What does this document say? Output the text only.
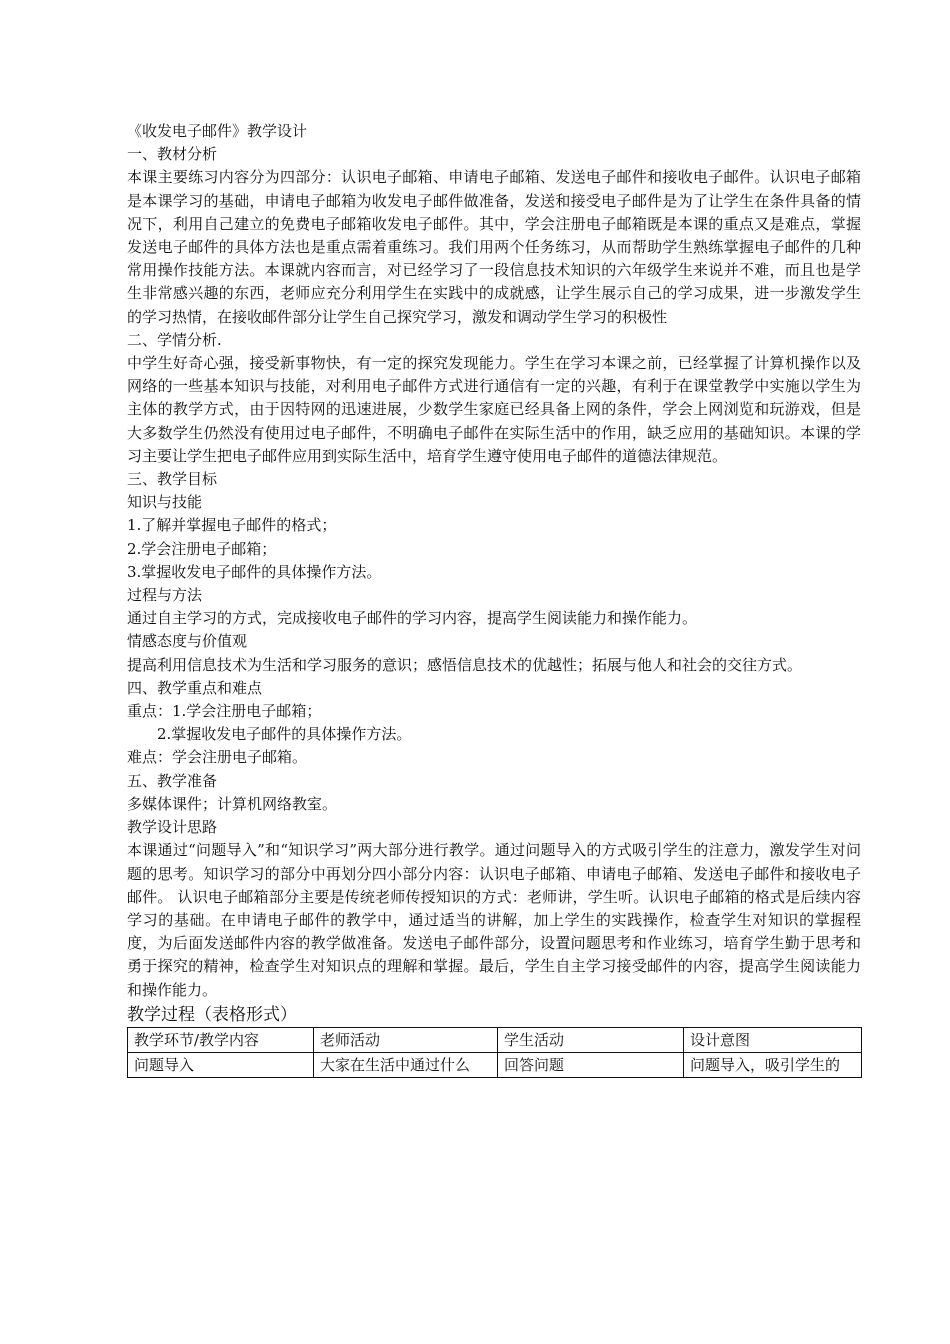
《收发电子邮件》教学设计
一、教材分析
本课主要练习内容分为四部分：认识电子邮箱、申请电子邮箱、发送电子邮件和接收电子邮件。认识电子邮箱是本课学习的基础，申请电子邮箱为收发电子邮件做准备，发送和接受电子邮件是为了让学生在条件具备的情况下，利用自己建立的免费电子邮箱收发电子邮件。其中，学会注册电子邮箱既是本课的重点又是难点，掌握发送电子邮件的具体方法也是重点需着重练习。我们用两个任务练习，从而帮助学生熟练掌握电子邮件的几种常用操作技能方法。本课就内容而言，对已经学习了一段信息技术知识的六年级学生来说并不难，而且也是学生非常感兴趣的东西，老师应充分利用学生在实践中的成就感，让学生展示自己的学习成果，进一步激发学生的学习热情，在接收邮件部分让学生自己探究学习，激发和调动学生学习的积极性
二、学情分析.
中学生好奇心强，接受新事物快，有一定的探究发现能力。学生在学习本课之前，已经掌握了计算机操作以及网络的一些基本知识与技能，对利用电子邮件方式进行通信有一定的兴趣，有利于在课堂教学中实施以学生为主体的教学方式，由于因特网的迅速进展，少数学生家庭已经具备上网的条件，学会上网浏览和玩游戏，但是大多数学生仍然没有使用过电子邮件，不明确电子邮件在实际生活中的作用，缺乏应用的基础知识。本课的学习主要让学生把电子邮件应用到实际生活中，培育学生遵守使用电子邮件的道德法律规范。
三、教学目标
知识与技能
1.了解并掌握电子邮件的格式；
2.学会注册电子邮箱；
3.掌握收发电子邮件的具体操作方法。
过程与方法
通过自主学习的方式，完成接收电子邮件的学习内容，提高学生阅读能力和操作能力。
情感态度与价值观
提高利用信息技术为生活和学习服务的意识；感悟信息技术的优越性；拓展与他人和社会的交往方式。
四、教学重点和难点
重点：1.学会注册电子邮箱；
2.掌握收发电子邮件的具体操作方法。
难点：学会注册电子邮箱。
五、教学准备
多媒体课件；计算机网络教室。
教学设计思路
本课通过“问题导入”和“知识学习”两大部分进行教学。通过问题导入的方式吸引学生的注意力，激发学生对问题的思考。知识学习的部分中再划分四小部分内容：认识电子邮箱、申请电子邮箱、发送电子邮件和接收电子邮件。 认识电子邮箱部分主要是传统老师传授知识的方式：老师讲，学生听。认识电子邮箱的格式是后续内容学习的基础。在申请电子邮件的教学中，通过适当的讲解，加上学生的实践操作，检查学生对知识的掌握程度，为后面发送邮件内容的教学做准备。发送电子邮件部分，设置问题思考和作业练习，培育学生勤于思考和勇于探究的精神，检查学生对知识点的理解和掌握。最后，学生自主学习接受邮件的内容，提高学生阅读能力和操作能力。
教学过程（表格形式）
教学环节/教学内容	老师活动	学生活动	设计意图
问题导入	大家在生活中通过什么	回答问题	问题导入，吸引学生的
